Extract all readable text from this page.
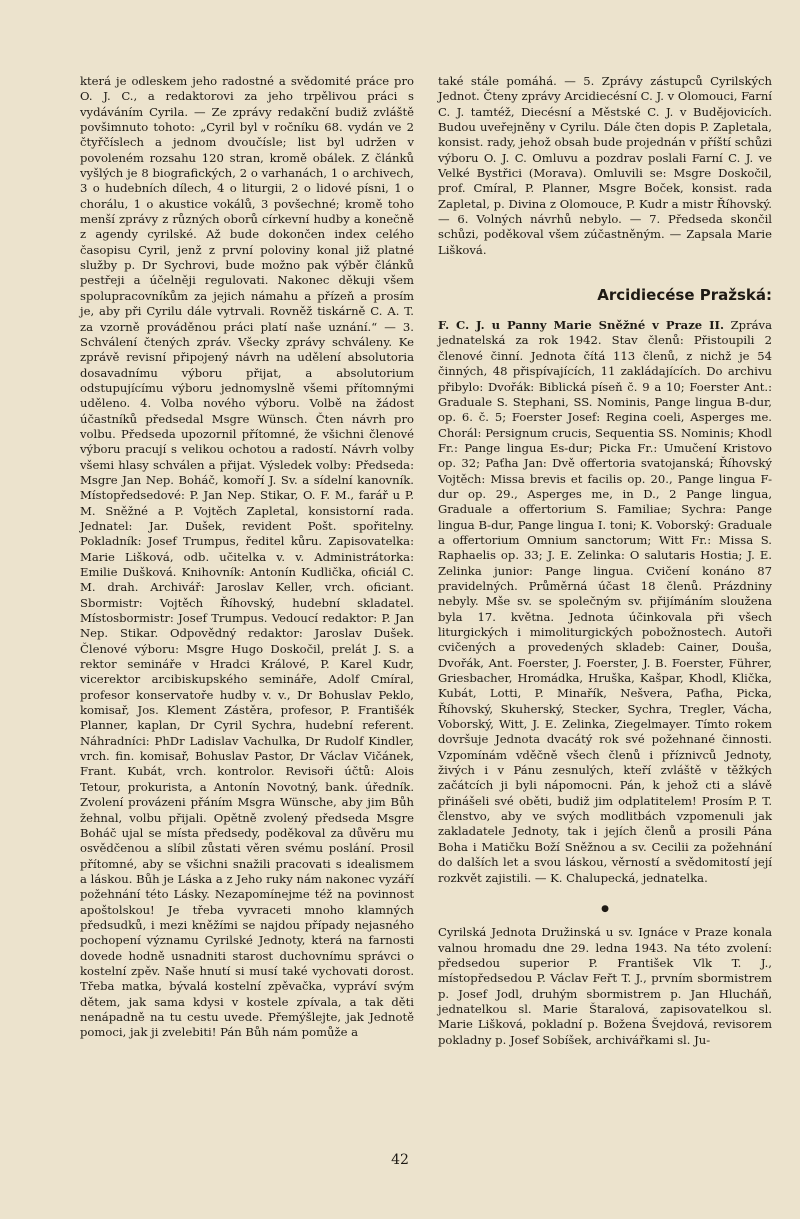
která je odleskem jeho radostné a svědomité práce pro O. J. C., a redaktorovi za jeho trpělivou práci s vydáváním Cyrila. — Ze zprávy redakční budiž zvláště povšimnuto tohoto: „Cyril byl v ročníku 68. vydán ve 2 čtyřčíslech a jednom dvoučísle; list byl udržen v povoleném rozsahu 120 stran, kromě obálek. Z článků vyšlých je 8 biografických, 2 o varhanách, 1 o archivech, 3 o hudebních dílech, 4 o liturgii, 2 o lidové písni, 1 o chorálu, 1 o akustice vokálů, 3 povšechné; kromě toho menší zprávy z různých oborů církevní hudby a konečně z agendy cyrilské. Až bude dokončen index celého časopisu Cyril, jenž z první poloviny konal již platné služby p. Dr Sychrovi, bude možno pak výběr článků pestřeji a účelněji regulovati. Nakonec děkuji všem spolupracovníkům za jejich námahu a přízeň a prosím je, aby při Cyrilu dále vytrvali. Rovněž tiskárně C. A. T. za vzorně prováděnou práci platí naše uznání.“ — 3. Schválení čtených zpráv. Všecky zprávy schváleny. Ke zprávě revisní připojený návrh na udělení absolutoria dosavadnímu výboru přijat, a absolutorium odstupujícímu výboru jednomyslně všemi přítomnými uděleno. 4. Volba nového výboru. Volbě na žádost účastníků předsedal Msgre Wünsch. Čten návrh pro volbu. Předseda upozornil přítomné, že všichni členové výboru pracují s velikou ochotou a radostí. Návrh volby všemi hlasy schválen a přijat. Výsledek volby: Předseda: Msgre Jan Nep. Boháč, komoří J. Sv. a sídelní kanovník. Místopředsedové: P. Jan Nep. Stikar, O. F. M., farář u P. M. Sněžné a P. Vojtěch Zapletal, konsistorní rada. Jednatel: Jar. Dušek, revident Pošt. spořitelny. Pokladník: Josef Trumpus, ředitel kůru. Zapisovatelka: Marie Lišková, odb. učitelka v. v. Administrátorka: Emilie Dušková. Knihovník: Antonín Kudlička, oficiál C. M. drah. Archivář: Jaroslav Keller, vrch. oficiant. Sbormistr: Vojtěch Říhovský, hudební skladatel. Místosbormistr: Josef Trumpus. Vedoucí redaktor: P. Jan Nep. Stikar. Odpovědný redaktor: Jaroslav Dušek. Členové výboru: Msgre Hugo Doskočil, prelát J. S. a rektor semináře v Hradci Králové, P. Karel Kudr, vicerektor arcibiskupského semináře, Adolf Cmíral, profesor konservatoře hudby v. v., Dr Bohuslav Peklo, komisař, Jos. Klement Zástěra, profesor, P. Františék Planner, kaplan, Dr Cyril Sychra, hudební referent. Náhradníci: PhDr Ladislav Vachulka, Dr Rudolf Kindler, vrch. fin. komisař, Bohuslav Pastor, Dr Václav Vičánek, Frant. Kubát, vrch. kontrolor. Revisoři účtů: Alois Tetour, prokurista, a Antonín Novotný, bank. úředník. Zvolení provázeni přáním Msgra Wünsche, aby jim Bůh žehnal, volbu přijali. Opětně zvolený předseda Msgre Boháč ujal se místa předsedy, poděkoval za důvěru mu osvědčenou a slíbil zůstati věren svému poslání. Prosil přítomné, aby se všichni snažili pracovati s idealismem a láskou. Bůh je Láska a z Jeho ruky nám nakonec vyzáří požehnání této Lásky. Nezapomínejme též na povinnost apoštolskou! Je třeba vyvraceti mnoho klamných předsudků, i mezi kněžími se najdou případy nejasného pochopení významu Cyrilské Jednoty, která na farnosti dovede hodně usnadniti starost duchovnímu správci o kostelní zpěv. Naše hnutí si musí také vychovati dorost. Třeba matka, bývalá kostelní zpěvačka, vypráví svým dětem, jak sama kdysi v kostele zpívala, a tak děti nenápadně na tu cestu uvede. Přemýšlejte, jak Jednotě pomoci, jak ji zvelebiti! Pán Bůh nám pomůže a

také stále pomáhá. — 5. Zprávy zástupců Cyrilských Jednot. Čteny zprávy Arcidiecésní C. J. v Olomouci, Farní C. J. tamtéž, Diecésní a Městské C. J. v Budějovicích. Budou uveřejněny v Cyrilu. Dále čten dopis P. Zapletala, konsist. rady, jehož obsah bude projednán v příští schůzi výboru O. J. C. Omluvu a pozdrav poslali Farní C. J. ve Velké Bystřici (Morava). Omluvili se: Msgre Doskočil, prof. Cmíral, P. Planner, Msgre Boček, konsist. rada Zapletal, p. Divina z Olomouce, P. Kudr a mistr Říhovský. — 6. Volných návrhů nebylo. — 7. Předseda skončil schůzi, poděkoval všem zúčastněným. — Zapsala Marie Lišková.

Arcidiecése Pražská:

F. C. J. u Panny Marie Sněžné v Praze II. Zpráva jednatelská za rok 1942. Stav členů: Přistoupili 2 členové činní. Jednota čítá 113 členů, z nichž je 54 činných, 48 přispívajících, 11 zakládajících. Do archivu přibylo: Dvořák: Biblická píseň č. 9 a 10; Foerster Ant.: Graduale S. Stephani, SS. Nominis, Pange lingua B-dur, op. 6. č. 5; Foerster Josef: Regina coeli, Asperges me. Chorál: Persignum crucis, Sequentia SS. Nominis; Khodl Fr.: Pange lingua Es-dur; Picka Fr.: Umučení Kristovo op. 32; Paťha Jan: Dvě offertoria svatojanská; Říhovský Vojtěch: Missa brevis et facilis op. 20., Pange lingua F-dur op. 29., Asperges me, in D., 2 Pange lingua, Graduale a offertorium S. Familiae; Sychra: Pange lingua B-dur, Pange lingua I. toni; K. Voborský: Graduale a offertorium Omnium sanctorum; Witt Fr.: Missa S. Raphaelis op. 33; J. E. Zelinka: O salutaris Hostia; J. E. Zelinka junior: Pange lingua. Cvičení konáno 87 pravidelných. Průměrná účast 18 členů. Prázdniny nebyly. Mše sv. se společným sv. přijímáním sloužena byla 17. května. Jednota účinkovala při všech liturgických i mimoliturgických pobožnostech. Autoři cvičených a provedených skladeb: Cainer, Douša, Dvořák, Ant. Foerster, J. Foerster, J. B. Foerster, Führer, Griesbacher, Hromádka, Hruška, Kašpar, Khodl, Klička, Kubát, Lotti, P. Minařík, Nešvera, Paťha, Picka, Říhovský, Skuherský, Stecker, Sychra, Tregler, Vácha, Voborský, Witt, J. E. Zelinka, Ziegelmayer. Tímto rokem dovršuje Jednota dvacátý rok své požehnané činnosti. Vzpomínám vděčně všech členů i příznivců Jednoty, živých i v Pánu zesnulých, kteří zvláště v těžkých začátcích ji byli nápomocni. Pán, k jehož cti a slávě přinášeli své oběti, budiž jim odplatitelem! Prosím P. T. členstvo, aby ve svých modlitbách vzpomenuli jak zakladatele Jednoty, tak i jejích členů a prosili Pána Boha i Matičku Boží Sněžnou a sv. Cecilii za požehnání do dalších let a svou láskou, věrností a svědomitostí její rozkvět zajistili. — K. Chalupecká, jednatelka.

●

Cyrilská Jednota Družinská u sv. Ignáce v Praze konala valnou hromadu dne 29. ledna 1943. Na této zvolení: předsedou superior P. František Vlk T. J., místopředsedou P. Václav Feřt T. J., prvním sbormistrem p. Josef Jodl, druhým sbormistrem p. Jan Hlucháň, jednatelkou sl. Marie Štaralová, zapisovatelkou sl. Marie Lišková, pokladní p. Božena Švejdová, revisorem pokladny p. Josef Sobíšek, archivářkami sl. Ju-

42
